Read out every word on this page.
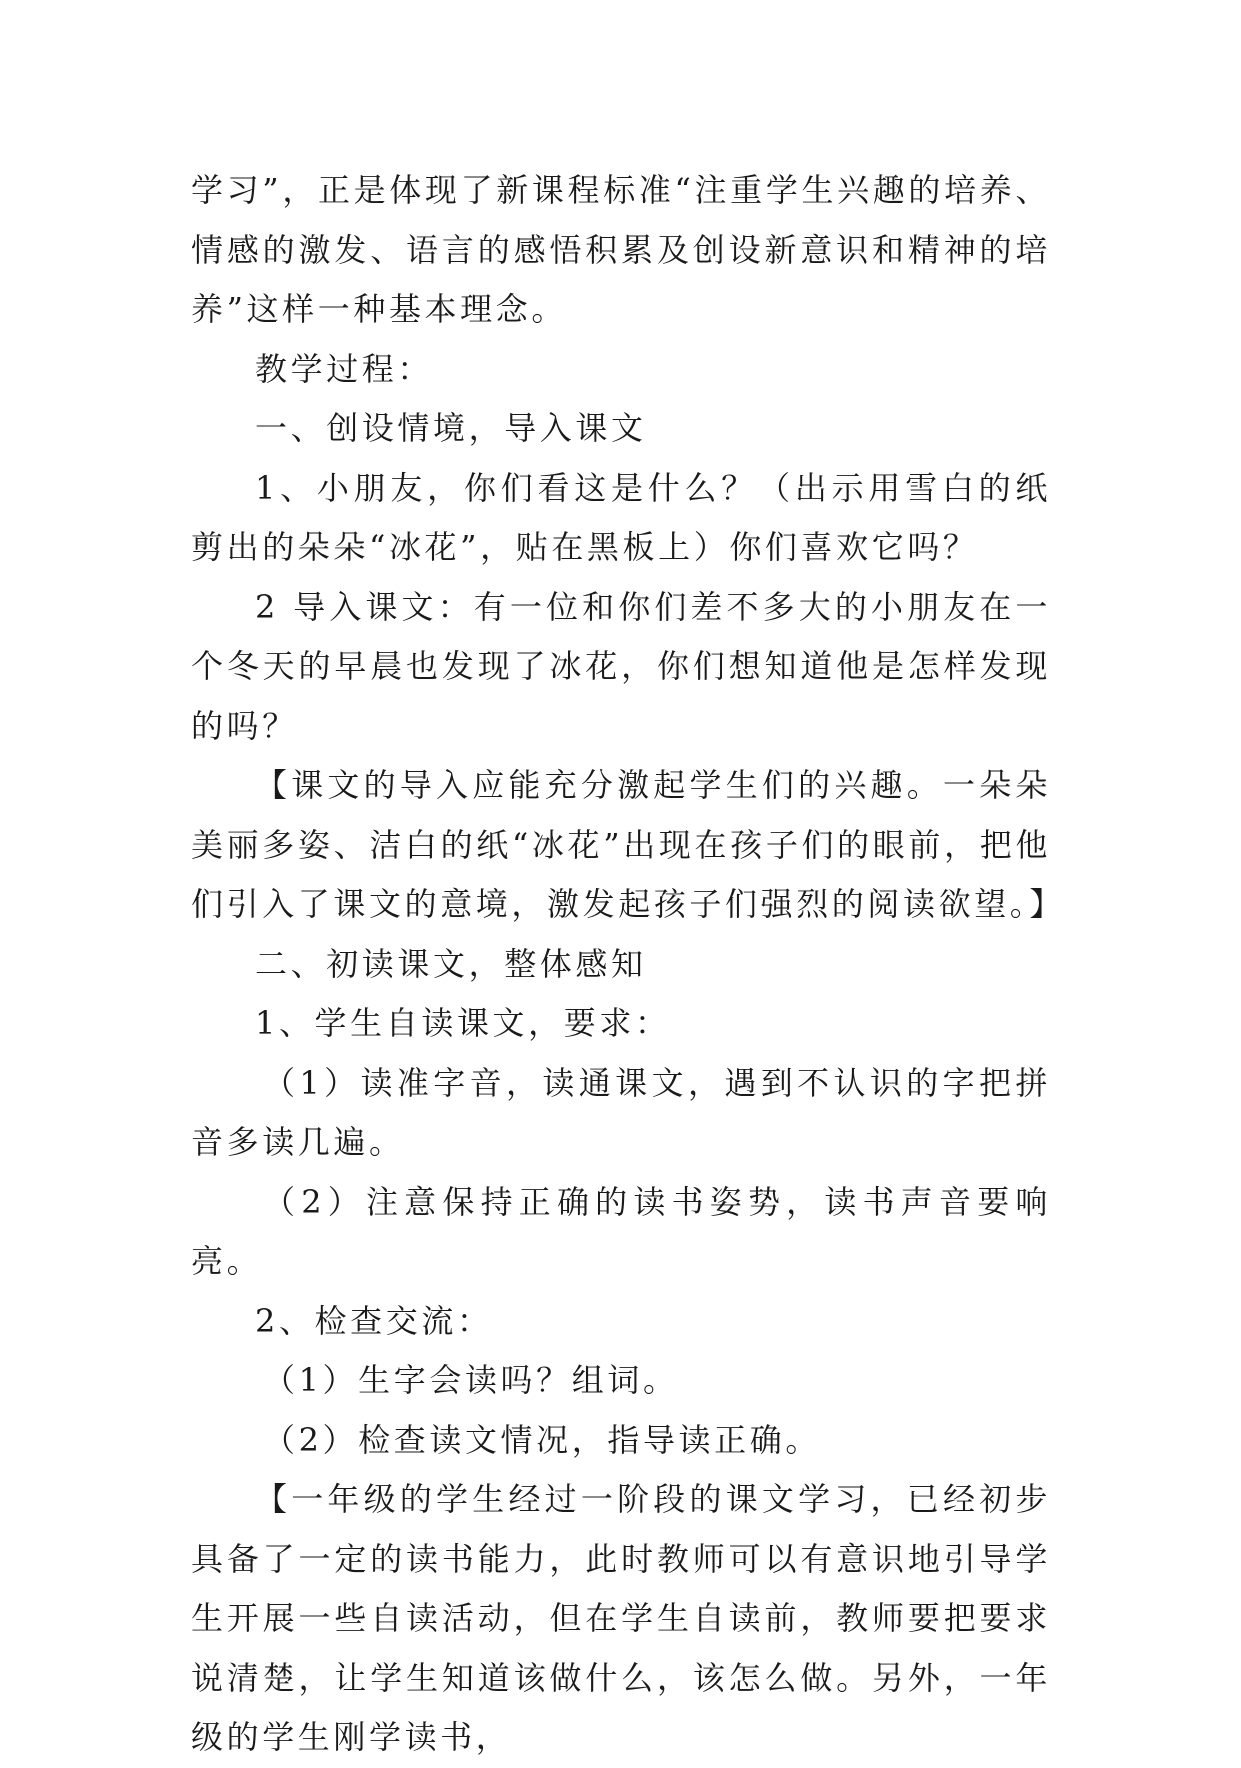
学习”，正是体现了新课程标准“注重学生兴趣的培养、情感的激发、语言的感悟积累及创设新意识和精神的培养”这样一种基本理念。

教学过程：

一、创设情境，导入课文

1、小朋友，你们看这是什么？（出示用雪白的纸剪出的朵朵“冰花”，贴在黑板上）你们喜欢它吗？

2 导入课文：有一位和你们差不多大的小朋友在一个冬天的早晨也发现了冰花，你们想知道他是怎样发现的吗？

【课文的导入应能充分激起学生们的兴趣。一朵朵美丽多姿、洁白的纸“冰花”出现在孩子们的眼前，把他们引入了课文的意境，激发起孩子们强烈的阅读欲望。】

二、初读课文，整体感知

1、学生自读课文，要求：

（1）读准字音，读通课文，遇到不认识的字把拼音多读几遍。

（2）注意保持正确的读书姿势，读书声音要响亮。

2、检查交流：

（1）生字会读吗？组词。

（2）检查读文情况，指导读正确。

【一年级的学生经过一阶段的课文学习，已经初步具备了一定的读书能力，此时教师可以有意识地引导学生开展一些自读活动，但在学生自读前，教师要把要求说清楚，让学生知道该做什么，该怎么做。另外，一年级的学生刚学读书，
